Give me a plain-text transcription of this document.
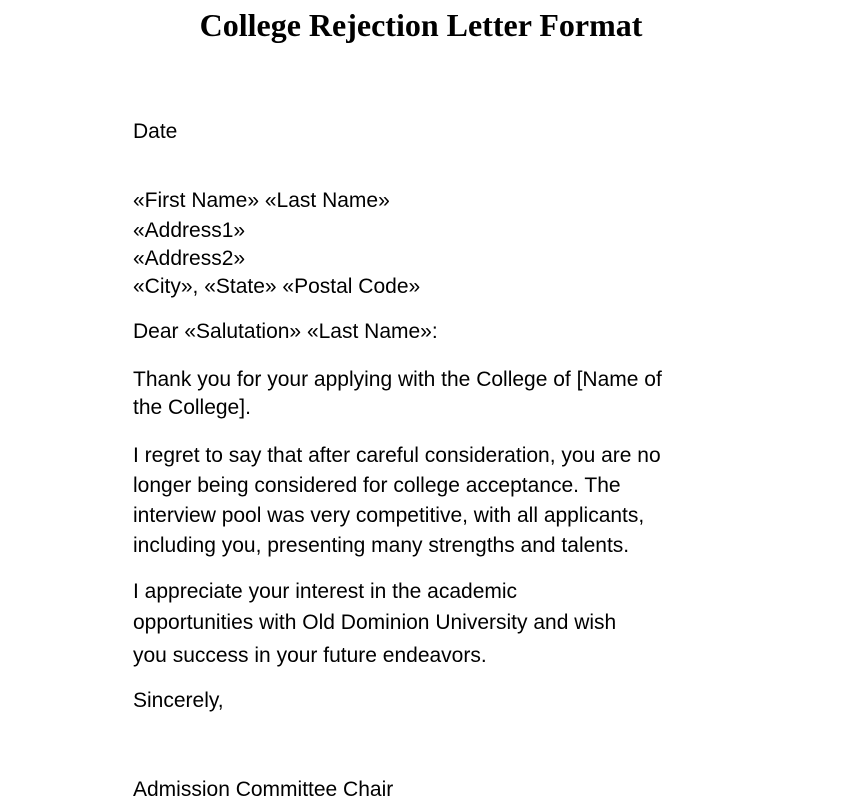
College Rejection Letter Format

Date

«First Name» «Last Name»

«Address1»

«Address2»

«City», «State» «Postal Code»

Dear «Salutation» «Last Name»:

Thank you for your applying with the College of [Name of

the College].

I regret to say that after careful consideration, you are no

longer being considered for college acceptance. The

interview pool was very competitive, with all applicants,

including you, presenting many strengths and talents.

I appreciate your interest in the academic

opportunities with Old Dominion University and wish

you success in your future endeavors.

Sincerely,

Admission Committee Chair
